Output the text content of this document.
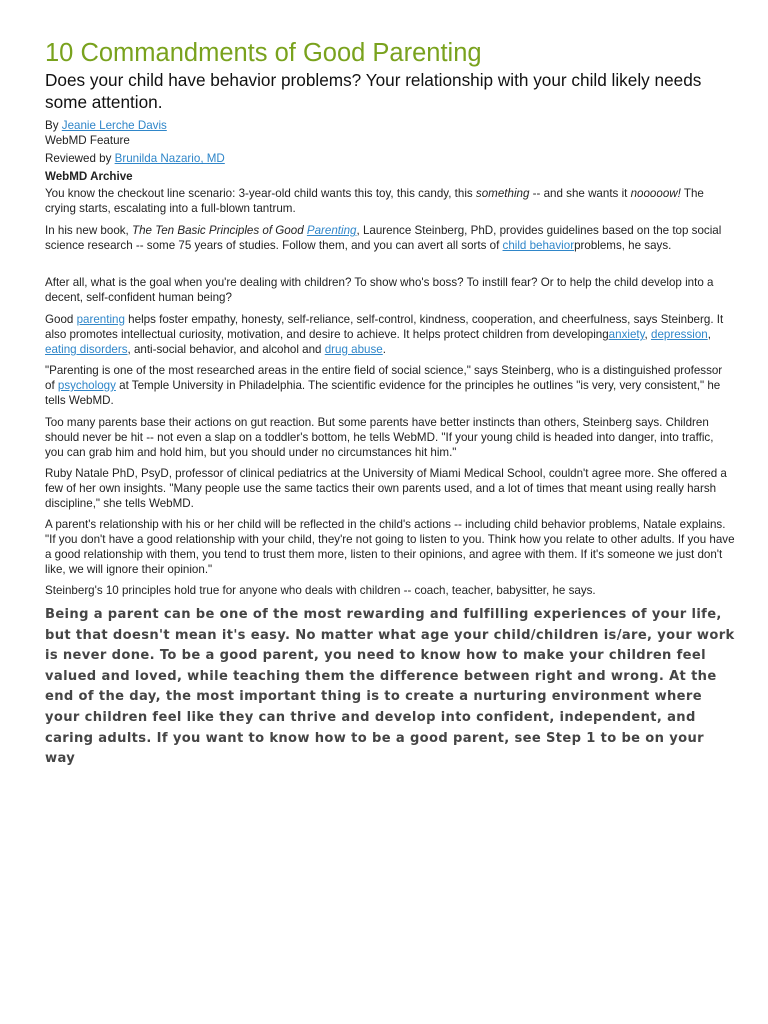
10 Commandments of Good Parenting
Does your child have behavior problems? Your relationship with your child likely needs some attention.
By Jeanie Lerche Davis
WebMD Feature
Reviewed by Brunilda Nazario, MD
WebMD Archive

You know the checkout line scenario: 3-year-old child wants this toy, this candy, this something -- and she wants it nooooow! The crying starts, escalating into a full-blown tantrum.

In his new book, The Ten Basic Principles of Good Parenting, Laurence Steinberg, PhD, provides guidelines based on the top social science research -- some 75 years of studies. Follow them, and you can avert all sorts of child behaviorproblems, he says.

After all, what is the goal when you're dealing with children? To show who's boss? To instill fear? Or to help the child develop into a decent, self-confident human being?

Good parenting helps foster empathy, honesty, self-reliance, self-control, kindness, cooperation, and cheerfulness, says Steinberg. It also promotes intellectual curiosity, motivation, and desire to achieve. It helps protect children from developinganxiety, depression, eating disorders, anti-social behavior, and alcohol and drug abuse.

"Parenting is one of the most researched areas in the entire field of social science," says Steinberg, who is a distinguished professor of psychology at Temple University in Philadelphia. The scientific evidence for the principles he outlines "is very, very consistent," he tells WebMD.

Too many parents base their actions on gut reaction. But some parents have better instincts than others, Steinberg says. Children should never be hit -- not even a slap on a toddler's bottom, he tells WebMD. "If your young child is headed into danger, into traffic, you can grab him and hold him, but you should under no circumstances hit him."

Ruby Natale PhD, PsyD, professor of clinical pediatrics at the University of Miami Medical School, couldn't agree more. She offered a few of her own insights. "Many people use the same tactics their own parents used, and a lot of times that meant using really harsh discipline," she tells WebMD.

A parent's relationship with his or her child will be reflected in the child's actions -- including child behavior problems, Natale explains. "If you don't have a good relationship with your child, they're not going to listen to you. Think how you relate to other adults. If you have a good relationship with them, you tend to trust them more, listen to their opinions, and agree with them. If it's someone we just don't like, we will ignore their opinion."

Steinberg's 10 principles hold true for anyone who deals with children -- coach, teacher, babysitter, he says.

Being a parent can be one of the most rewarding and fulfilling experiences of your life, but that doesn't mean it's easy. No matter what age your child/children is/are, your work is never done. To be a good parent, you need to know how to make your children feel valued and loved, while teaching them the difference between right and wrong. At the end of the day, the most important thing is to create a nurturing environment where your children feel like they can thrive and develop into confident, independent, and caring adults. If you want to know how to be a good parent, see Step 1 to be on your way
